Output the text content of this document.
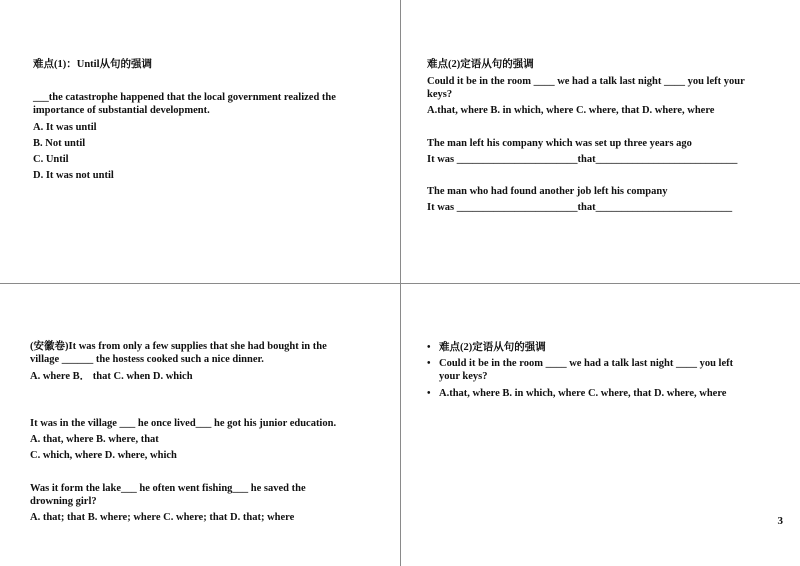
难点(1)：Until从句的强调
___the catastrophe happened that the local government realized the
importance of substantial development.
A. It was until
B. Not until
C. Until
D. It was not until
难点(2)定语从句的强调
Could it be in the room ____ we had a talk last night ____ you left your
keys?
A.that, where B. in which, where C. where, that D. where, where
The man left his company which was set up three years ago
It was _______________________that___________________________
The man who had found another job left his company
It was _______________________that__________________________
(安徽卷)It was from only a few supplies that she had bought in the
village ______ the hostess cooked such a nice dinner.
A. where B． that C. when D. which
It was in the village ___ he once lived___ he got his junior education.
A. that, where B. where, that
C. which, where D. where, which
Was it form the lake___ he often went fishing___ he saved the
drowning girl?
A. that; that B. where; where C. where; that D. that; where
• 难点(2)定语从句的强调
• Could it be in the room ____ we had a talk last night ____ you left
your keys?
• A.that, where B. in which, where C. where, that D. where, where
3
